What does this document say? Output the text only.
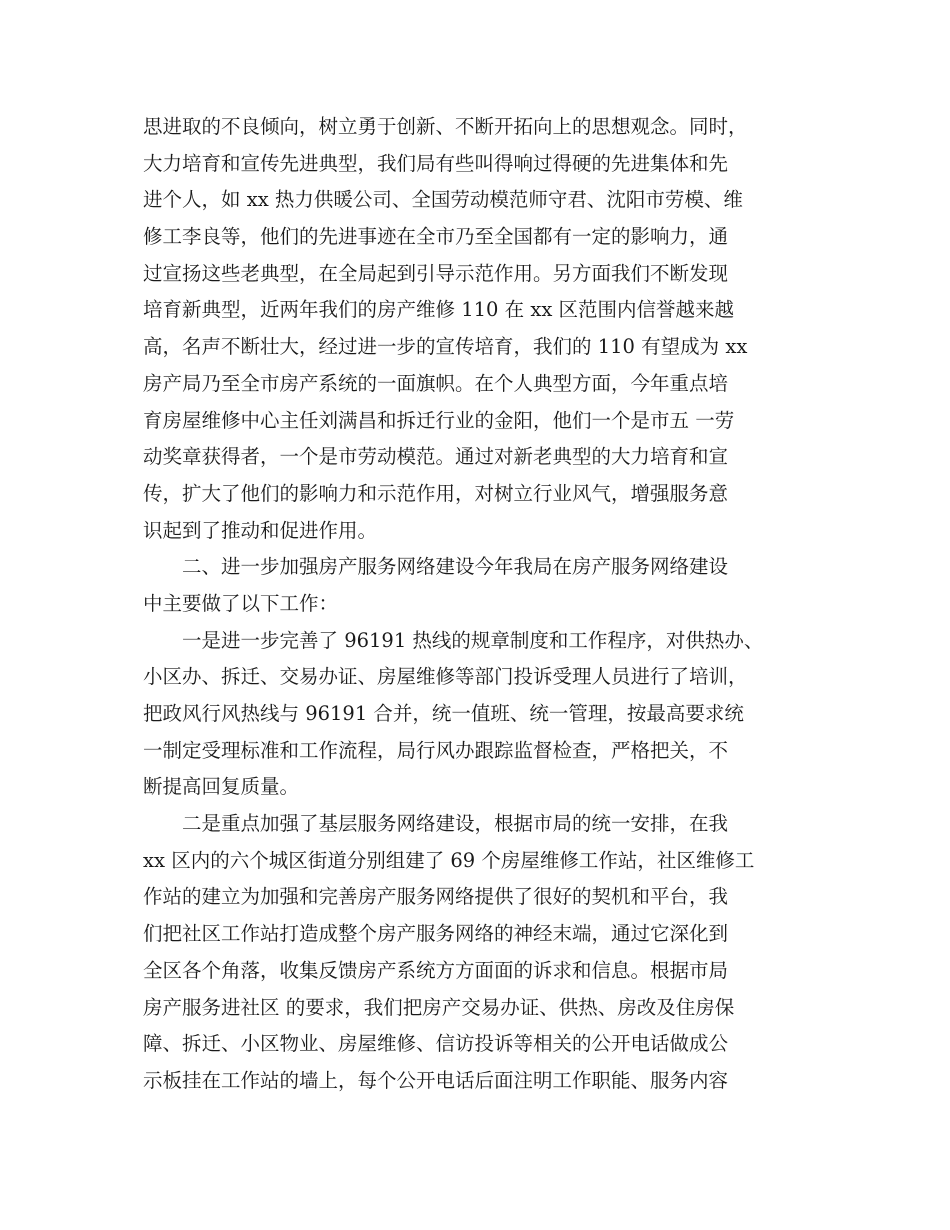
思进取的不良倾向，树立勇于创新、不断开拓向上的思想观念。同时，

大力培育和宣传先进典型，我们局有些叫得响过得硬的先进集体和先

进个人，如 xx 热力供暖公司、全国劳动模范师守君、沈阳市劳模、维

修工李良等，他们的先进事迹在全市乃至全国都有一定的影响力，通

过宣扬这些老典型，在全局起到引导示范作用。另方面我们不断发现

培育新典型，近两年我们的房产维修 110 在 xx 区范围内信誉越来越

高，名声不断壮大，经过进一步的宣传培育，我们的 110 有望成为 xx

房产局乃至全市房产系统的一面旗帜。在个人典型方面，今年重点培

育房屋维修中心主任刘满昌和拆迁行业的金阳，他们一个是市五 一劳

动奖章获得者，一个是市劳动模范。通过对新老典型的大力培育和宣

传，扩大了他们的影响力和示范作用，对树立行业风气，增强服务意

识起到了推动和促进作用。

　　二、进一步加强房产服务网络建设今年我局在房产服务网络建设

中主要做了以下工作：

　　一是进一步完善了 96191 热线的规章制度和工作程序，对供热办、

小区办、拆迁、交易办证、房屋维修等部门投诉受理人员进行了培训，

把政风行风热线与 96191 合并，统一值班、统一管理，按最高要求统

一制定受理标准和工作流程，局行风办跟踪监督检查，严格把关，不

断提高回复质量。

　　二是重点加强了基层服务网络建设，根据市局的统一安排，在我

xx 区内的六个城区街道分别组建了 69 个房屋维修工作站，社区维修工

作站的建立为加强和完善房产服务网络提供了很好的契机和平台，我

们把社区工作站打造成整个房产服务网络的神经末端，通过它深化到

全区各个角落，收集反馈房产系统方方面面的诉求和信息。根据市局

房产服务进社区 的要求，我们把房产交易办证、供热、房改及住房保

障、拆迁、小区物业、房屋维修、信访投诉等相关的公开电话做成公

示板挂在工作站的墙上，每个公开电话后面注明工作职能、服务内容
